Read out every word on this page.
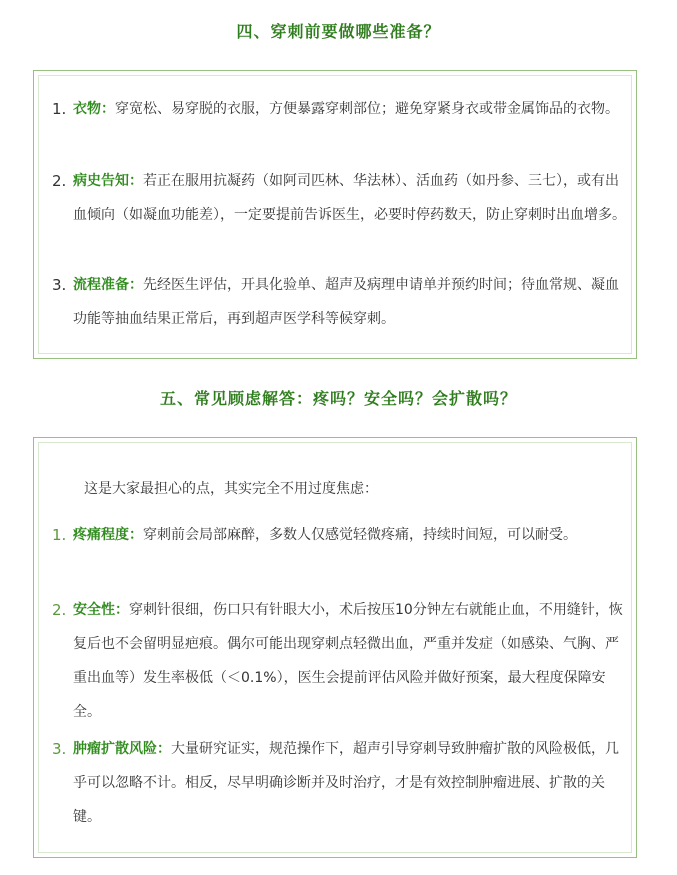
四、穿刺前要做哪些准备？
1. 衣物：穿宽松、易穿脱的衣服，方便暴露穿刺部位；避免穿紧身衣或带金属饰品的衣物。
2. 病史告知：若正在服用抗凝药（如阿司匹林、华法林）、活血药（如丹参、三七），或有出血倾向（如凝血功能差），一定要提前告诉医生，必要时停药数天，防止穿刺时出血增多。
3. 流程准备：先经医生评估，开具化验单、超声及病理申请单并预约时间；待血常规、凝血功能等抽血结果正常后，再到超声医学科等候穿刺。
五、常见顾虑解答：疼吗？安全吗？会扩散吗？
这是大家最担心的点，其实完全不用过度焦虑：
1. 疼痛程度：穿刺前会局部麻醉，多数人仅感觉轻微疼痛，持续时间短，可以耐受。
2. 安全性：穿刺针很细，伤口只有针眼大小，术后按压10分钟左右就能止血，不用缝针，恢复后也不会留明显疤痕。偶尔可能出现穿刺点轻微出血，严重并发症（如感染、气胸、严重出血等）发生率极低（＜0.1%），医生会提前评估风险并做好预案，最大程度保障安全。
3. 肿瘤扩散风险：大量研究证实，规范操作下，超声引导穿刺导致肿瘤扩散的风险极低，几乎可以忽略不计。相反，尽早明确诊断并及时治疗，才是有效控制肿瘤进展、扩散的关键。
